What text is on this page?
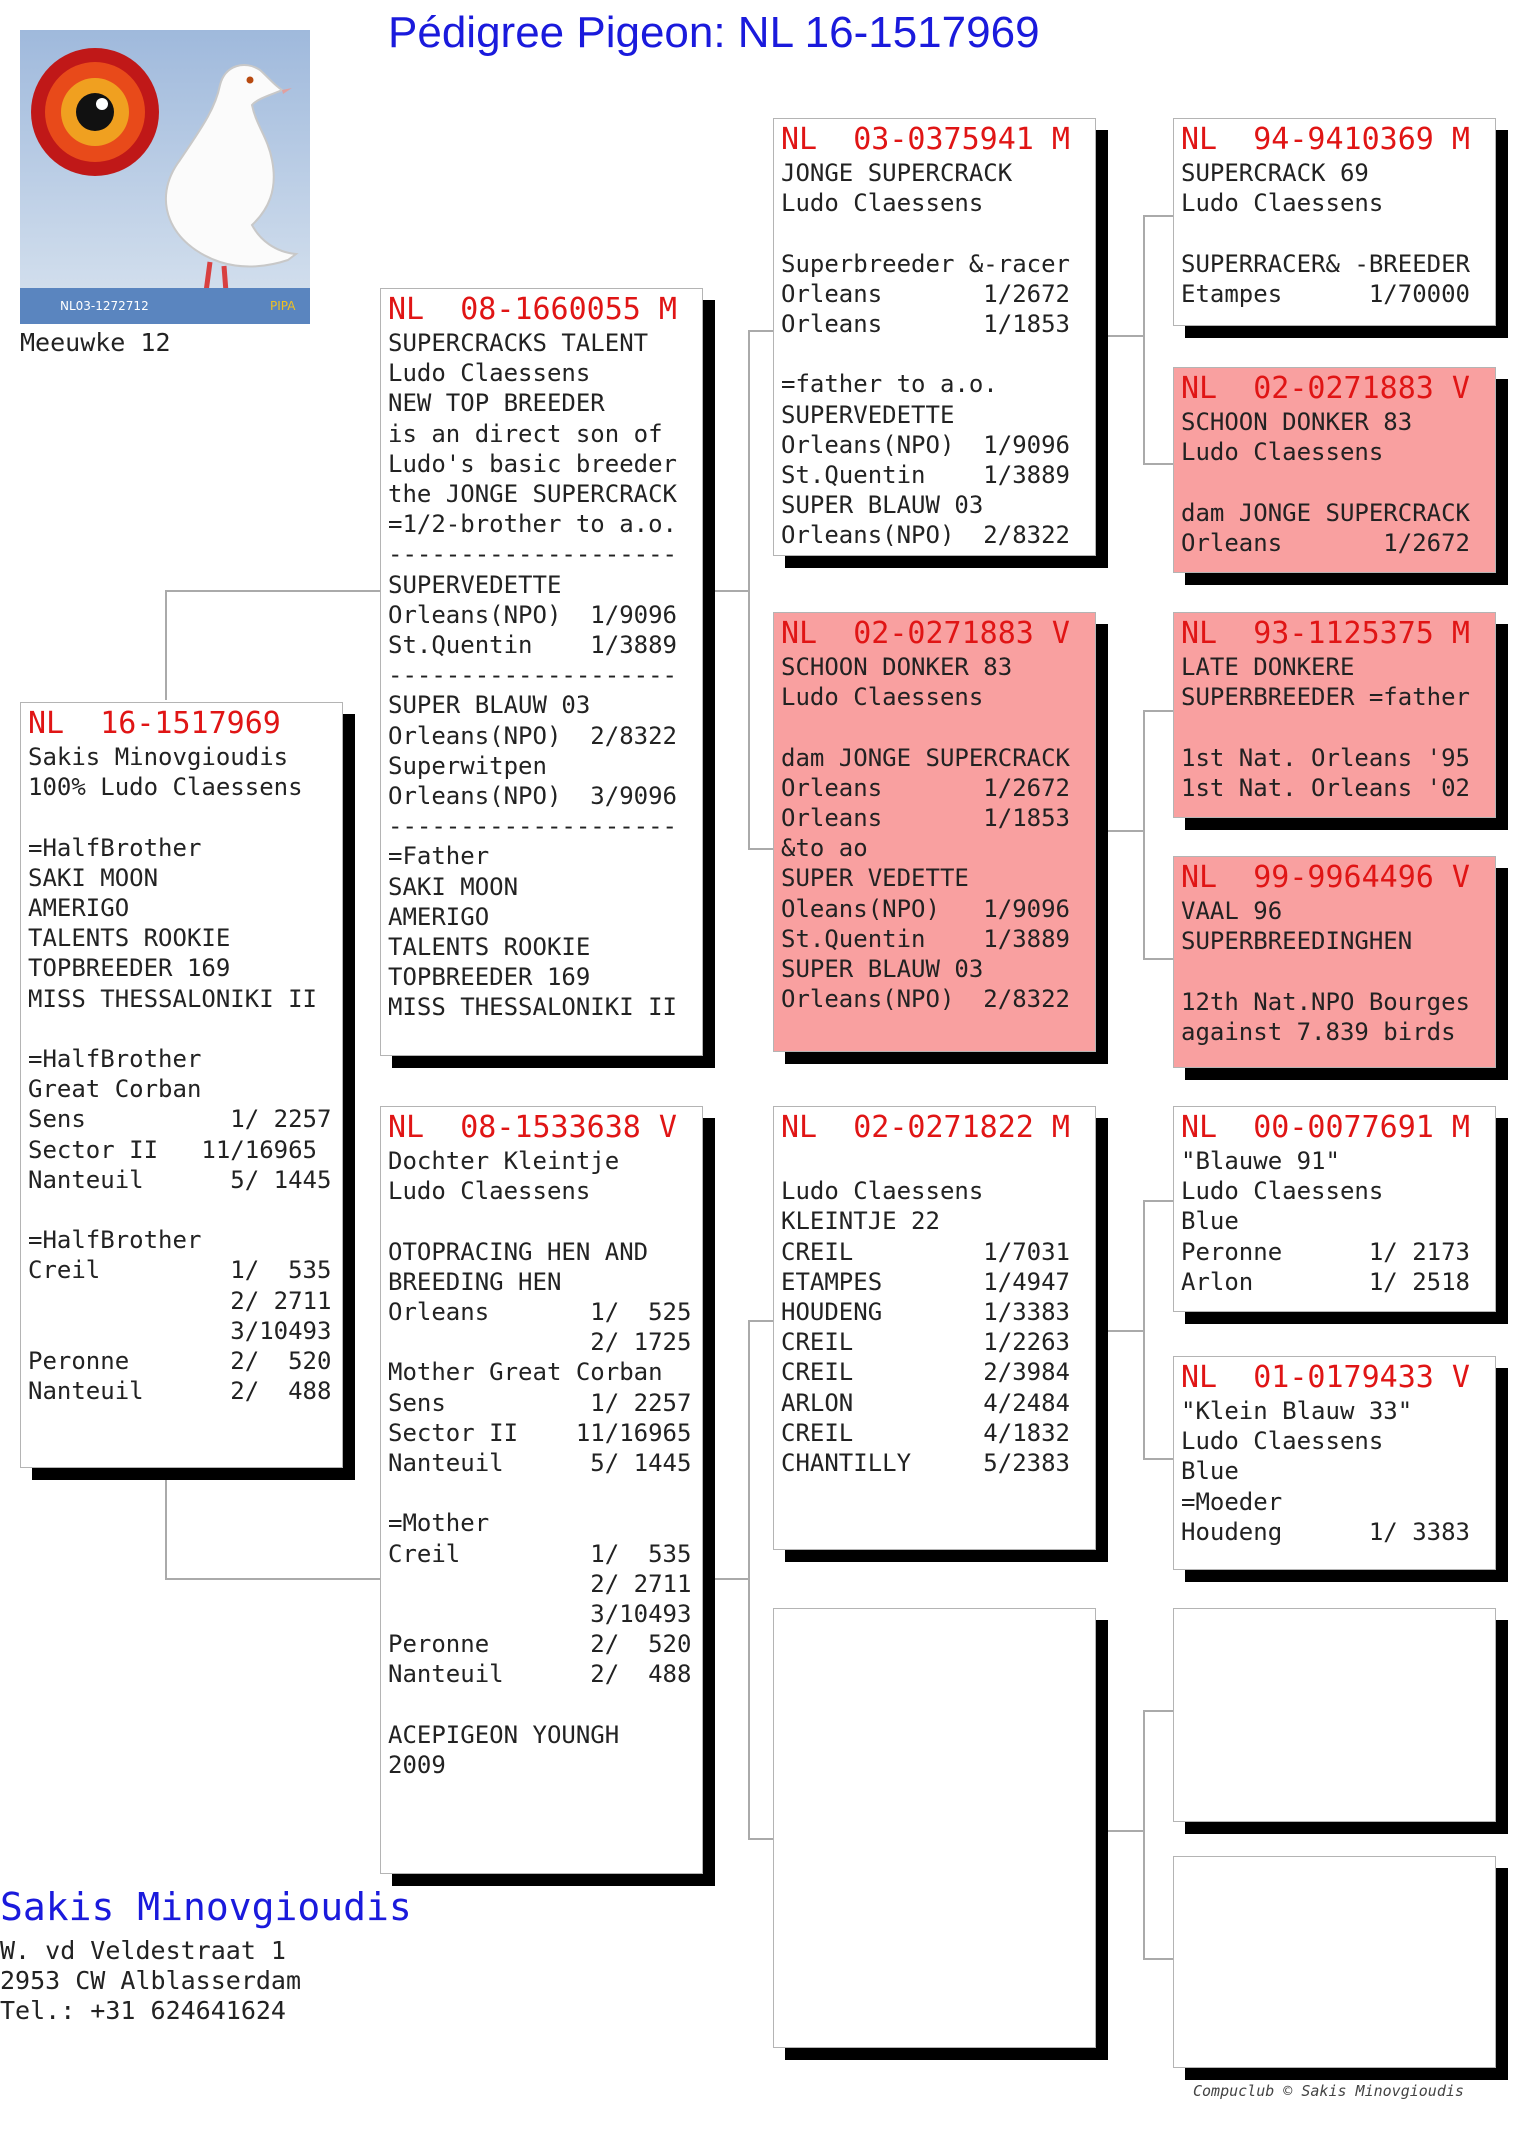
Pédigree Pigeon: NL 16-1517969
NL03-1272712	PIPA
Meeuwke 12
NL  16-1517969
Sakis Minovgioudis
100% Ludo Claessens

=HalfBrother
SAKI MOON
AMERIGO
TALENTS ROOKIE
TOPBREEDER 169
MISS THESSALONIKI II

=HalfBrother
Great Corban
Sens          1/ 2257
Sector II   11/16965
Nanteuil      5/ 1445

=HalfBrother
Creil         1/  535
2/ 2711
3/10493
Peronne       2/  520
Nanteuil      2/  488
NL  08-1660055 M
SUPERCRACKS TALENT
Ludo Claessens
NEW TOP BREEDER
is an direct son of
Ludo's basic breeder
the JONGE SUPERCRACK
=1/2-brother to a.o.
--------------------
SUPERVEDETTE
Orleans(NPO)  1/9096
St.Quentin    1/3889
--------------------
SUPER BLAUW 03
Orleans(NPO)  2/8322
Superwitpen
Orleans(NPO)  3/9096
--------------------
=Father
SAKI MOON
AMERIGO
TALENTS ROOKIE
TOPBREEDER 169
MISS THESSALONIKI II
NL  08-1533638 V
Dochter Kleintje
Ludo Claessens

OTOPRACING HEN AND
BREEDING HEN
Orleans       1/  525
2/ 1725
Mother Great Corban
Sens          1/ 2257
Sector II    11/16965
Nanteuil      5/ 1445

=Mother
Creil         1/  535
2/ 2711
3/10493
Peronne       2/  520
Nanteuil      2/  488

ACEPIGEON YOUNGH
2009
NL  03-0375941 M
JONGE SUPERCRACK
Ludo Claessens

Superbreeder &-racer
Orleans       1/2672
Orleans       1/1853

=father to a.o.
SUPERVEDETTE
Orleans(NPO)  1/9096
St.Quentin    1/3889
SUPER BLAUW 03
Orleans(NPO)  2/8322
NL  02-0271883 V
SCHOON DONKER 83
Ludo Claessens

dam JONGE SUPERCRACK
Orleans       1/2672
Orleans       1/1853
&to ao
SUPER VEDETTE
Oleans(NPO)   1/9096
St.Quentin    1/3889
SUPER BLAUW 03
Orleans(NPO)  2/8322
NL  02-0271822 M

Ludo Claessens
KLEINTJE 22
CREIL         1/7031
ETAMPES       1/4947
HOUDENG       1/3383
CREIL         1/2263
CREIL         2/3984
ARLON         4/2484
CREIL         4/1832
CHANTILLY     5/2383
NL  94-9410369 M
SUPERCRACK 69
Ludo Claessens

SUPERRACER& -BREEDER
Etampes      1/70000
NL  02-0271883 V
SCHOON DONKER 83
Ludo Claessens

dam JONGE SUPERCRACK
Orleans       1/2672
NL  93-1125375 M
LATE DONKERE
SUPERBREEDER =father

1st Nat. Orleans '95
1st Nat. Orleans '02
NL  99-9964496 V
VAAL 96
SUPERBREEDINGHEN

12th Nat.NPO Bourges
against 7.839 birds
NL  00-0077691 M
"Blauwe 91"
Ludo Claessens
Blue
Peronne      1/ 2173
Arlon        1/ 2518
NL  01-0179433 V
"Klein Blauw 33"
Ludo Claessens
Blue
=Moeder
Houdeng      1/ 3383
Sakis Minovgioudis
W. vd Veldestraat 1
2953 CW Alblasserdam
Tel.: +31 624641624
Compuclub © Sakis Minovgioudis
